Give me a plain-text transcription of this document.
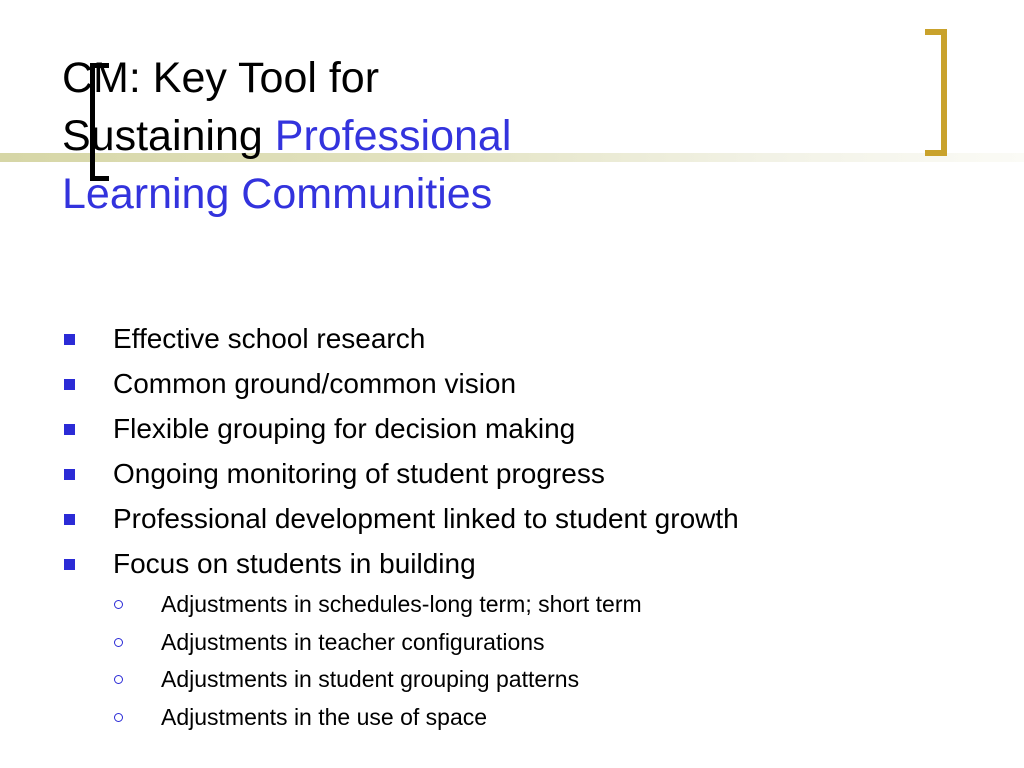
CM: Key Tool for
Sustaining Professional
Learning Communities
Effective school research
Common ground/common vision
Flexible grouping for decision making
Ongoing monitoring of student progress
Professional development linked to student growth
Focus on students in building
Adjustments in schedules-long term; short term
Adjustments in teacher configurations
Adjustments in student grouping patterns
Adjustments in the use of space
